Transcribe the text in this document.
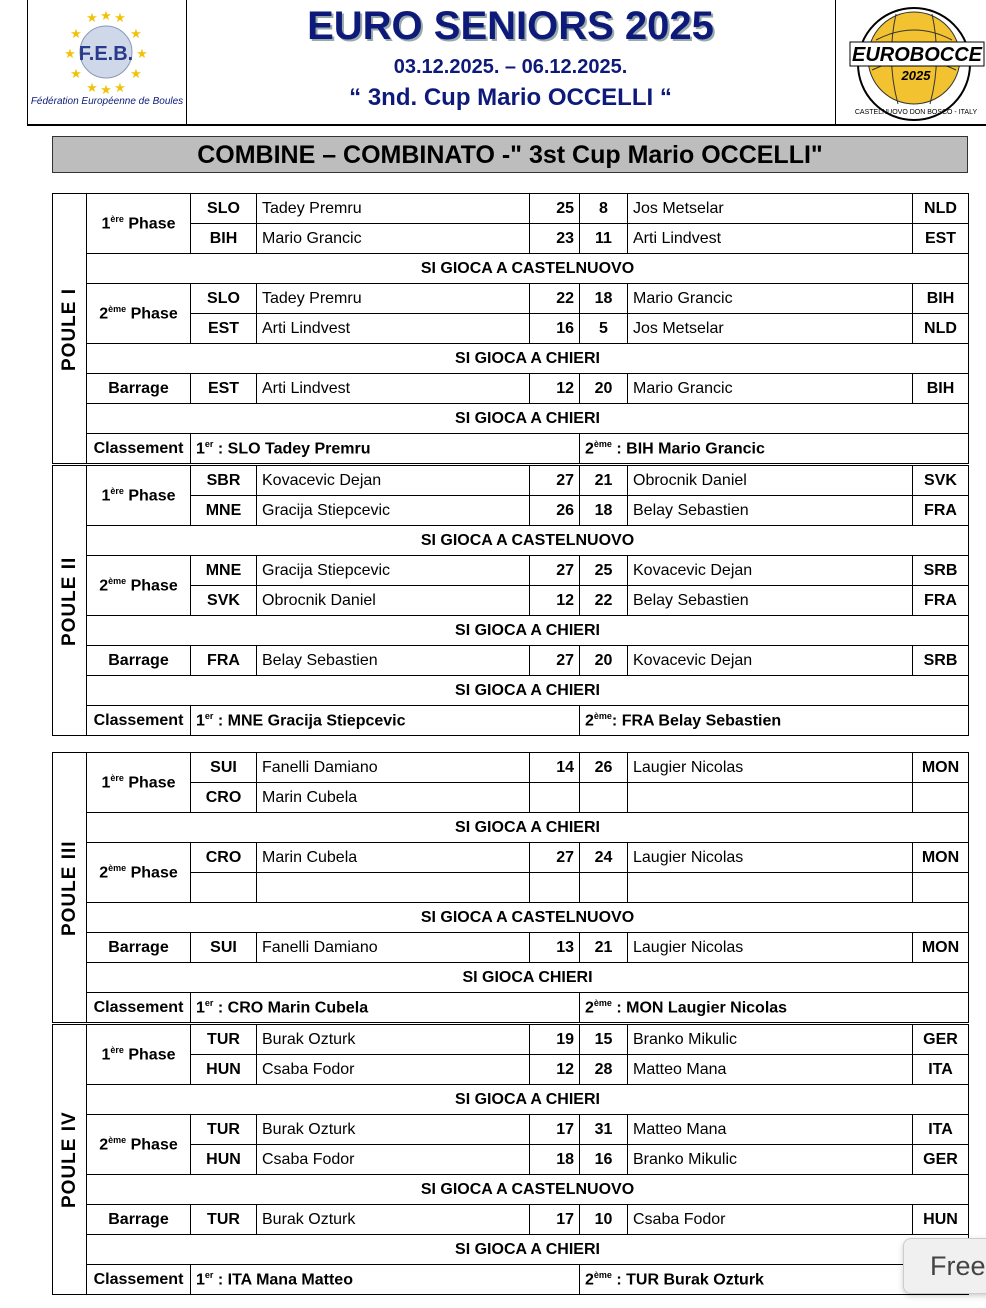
F.E.B.
★
★ ★
★	★
★	★
★	★
★ ★
★
Fédération Européenne de Boules
EURO SENIORS 2025
03.12.2025. – 06.12.2025.
“ 3nd. Cup Mario OCCELLI “
EUROBOCCE
2025
CASTELNUOVO DON BOSCO - ITALY
COMBINE – COMBINATO -" 3st Cup Mario OCCELLI"
POULE I	1ère Phase	SLO	Tadey Premru	25	8	Jos Metselar	NLD
		BIH	Mario Grancic	23	11	Arti Lindvest	EST
	SI GIOCA A CASTELNUOVO						
	2ème Phase	SLO	Tadey Premru	22	18	Mario Grancic	BIH
		EST	Arti Lindvest	16	5	Jos Metselar	NLD
	SI GIOCA A CHIERI						
	Barrage	EST	Arti Lindvest	12	20	Mario Grancic	BIH
	SI GIOCA A CHIERI						
	Classement	1er : SLO Tadey Premru			2ème : BIH Mario Grancic		
POULE II	1ère Phase	SBR	Kovacevic Dejan	27	21	Obrocnik Daniel	SVK
		MNE	Gracija Stiepcevic	26	18	Belay Sebastien	FRA
	SI GIOCA A CASTELNUOVO						
	2ème Phase	MNE	Gracija Stiepcevic	27	25	Kovacevic Dejan	SRB
		SVK	Obrocnik Daniel	12	22	Belay Sebastien	FRA
	SI GIOCA A CHIERI						
	Barrage	FRA	Belay Sebastien	27	20	Kovacevic Dejan	SRB
	SI GIOCA A CHIERI						
	Classement	1er : MNE Gracija Stiepcevic			2ème: FRA Belay Sebastien		
POULE III	1ère Phase	SUI	Fanelli Damiano	14	26	Laugier Nicolas	MON
		CRO	Marin Cubela				
	SI GIOCA A CHIERI						
	2ème Phase	CRO	Marin Cubela	27	24	Laugier Nicolas	MON

	SI GIOCA A CASTELNUOVO						
	Barrage	SUI	Fanelli Damiano	13	21	Laugier Nicolas	MON
	SI GIOCA CHIERI						
	Classement	1er : CRO Marin Cubela			2ème : MON Laugier Nicolas		
POULE IV	1ère Phase	TUR	Burak Ozturk	19	15	Branko Mikulic	GER
		HUN	Csaba Fodor	12	28	Matteo Mana	ITA
	SI GIOCA A CHIERI						
	2ème Phase	TUR	Burak Ozturk	17	31	Matteo Mana	ITA
		HUN	Csaba Fodor	18	16	Branko Mikulic	GER
	SI GIOCA A CASTELNUOVO						
	Barrage	TUR	Burak Ozturk	17	10	Csaba Fodor	HUN
	SI GIOCA A CHIERI						
	Classement	1er : ITA Mana Matteo			2ème : TUR Burak Ozturk			Free
